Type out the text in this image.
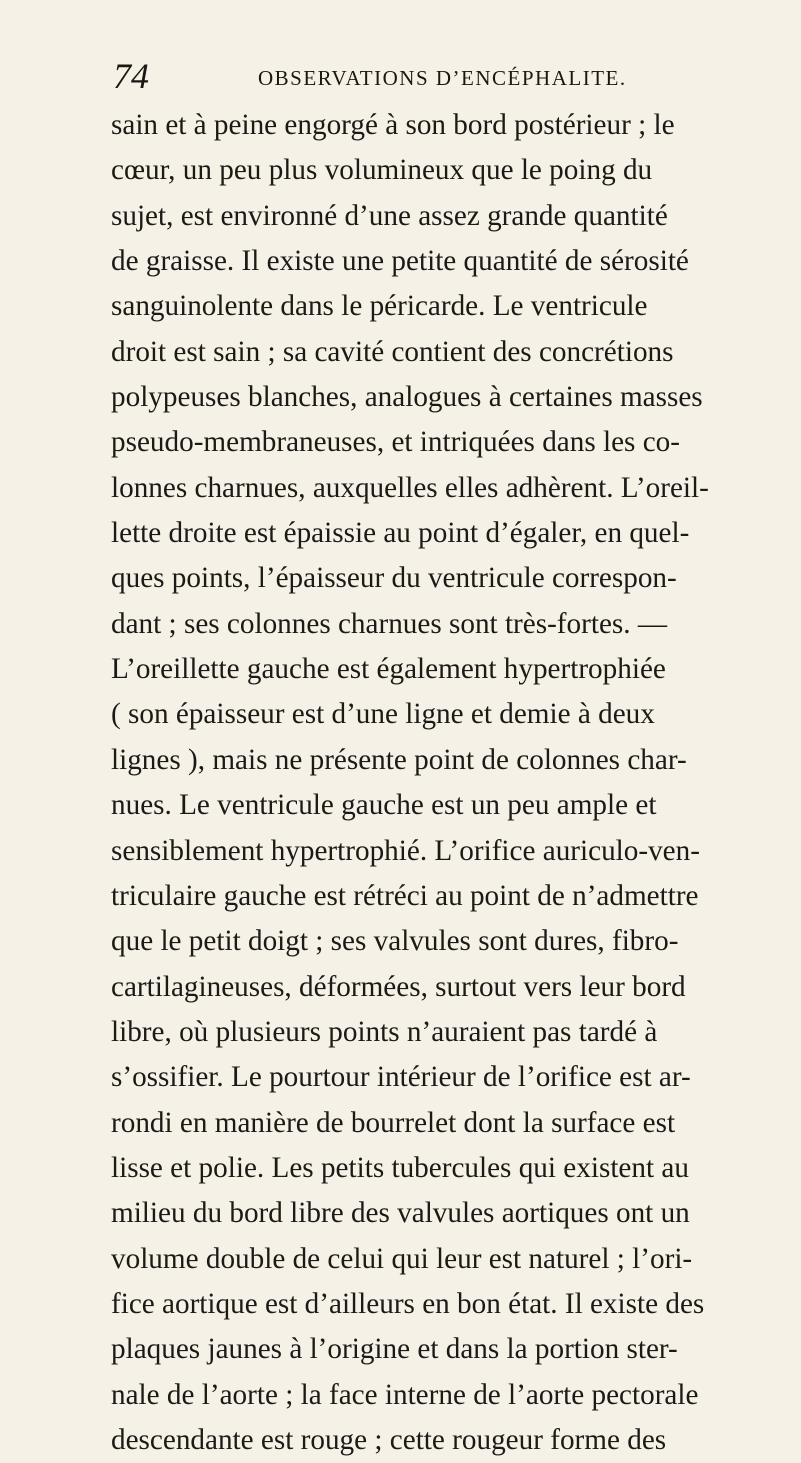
74	OBSERVATIONS D’ENCÉPHALITE.
sain et à peine engorgé à son bord postérieur ; le
cœur, un peu plus volumineux que le poing du
sujet, est environné d’une assez grande quantité
de graisse. Il existe une petite quantité de sérosité
sanguinolente dans le péricarde. Le ventricule
droit est sain ; sa cavité contient des concrétions
polypeuses blanches, analogues à certaines masses
pseudo-membraneuses, et intriquées dans les co-
lonnes charnues, auxquelles elles adhèrent. L’oreil-
lette droite est épaissie au point d’égaler, en quel-
ques points, l’épaisseur du ventricule correspon-
dant ; ses colonnes charnues sont très-fortes. —
L’oreillette gauche est également hypertrophiée
( son épaisseur est d’une ligne et demie à deux
lignes ), mais ne présente point de colonnes char-
nues. Le ventricule gauche est un peu ample et
sensiblement hypertrophié. L’orifice auriculo-ven-
triculaire gauche est rétréci au point de n’admettre
que le petit doigt ; ses valvules sont dures, fibro-
cartilagineuses, déformées, surtout vers leur bord
libre, où plusieurs points n’auraient pas tardé à
s’ossifier. Le pourtour intérieur de l’orifice est ar-
rondi en manière de bourrelet dont la surface est
lisse et polie. Les petits tubercules qui existent au
milieu du bord libre des valvules aortiques ont un
volume double de celui qui leur est naturel ; l’ori-
fice aortique est d’ailleurs en bon état. Il existe des
plaques jaunes à l’origine et dans la portion ster-
nale de l’aorte ; la face interne de l’aorte pectorale
descendante est rouge ; cette rougeur forme des
